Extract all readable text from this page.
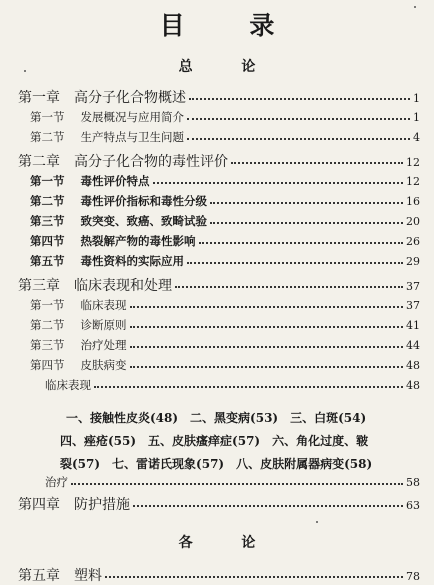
目 录
总 论
第一章 高分子化合物概述	1
第一节 发展概况与应用简介	1
第二节 生产特点与卫生问题	4
第二章 高分子化合物的毒性评价	12
第一节 毒性评价特点	12
第二节 毒性评价指标和毒性分级	16
第三节 致突变、致癌、致畸试验	20
第四节 热裂解产物的毒性影响	26
第五节 毒性资料的实际应用	29
第三章 临床表现和处理	37
第一节 临床表现	37
第二节 诊断原则	41
第三节 治疗处理	44
第四节 皮肤病变	48
临床表现	48
一、接触性皮炎(48)　二、黑变病(53)　三、白斑(54)
四、痤疮(55)　五、皮肤瘙痒症(57)　六、角化过度、皲
裂(57)　七、雷诺氏现象(57)　八、皮肤附属器病变(58)
治疗	58
第四章 防护措施	63
各 论
第五章 塑料	78
